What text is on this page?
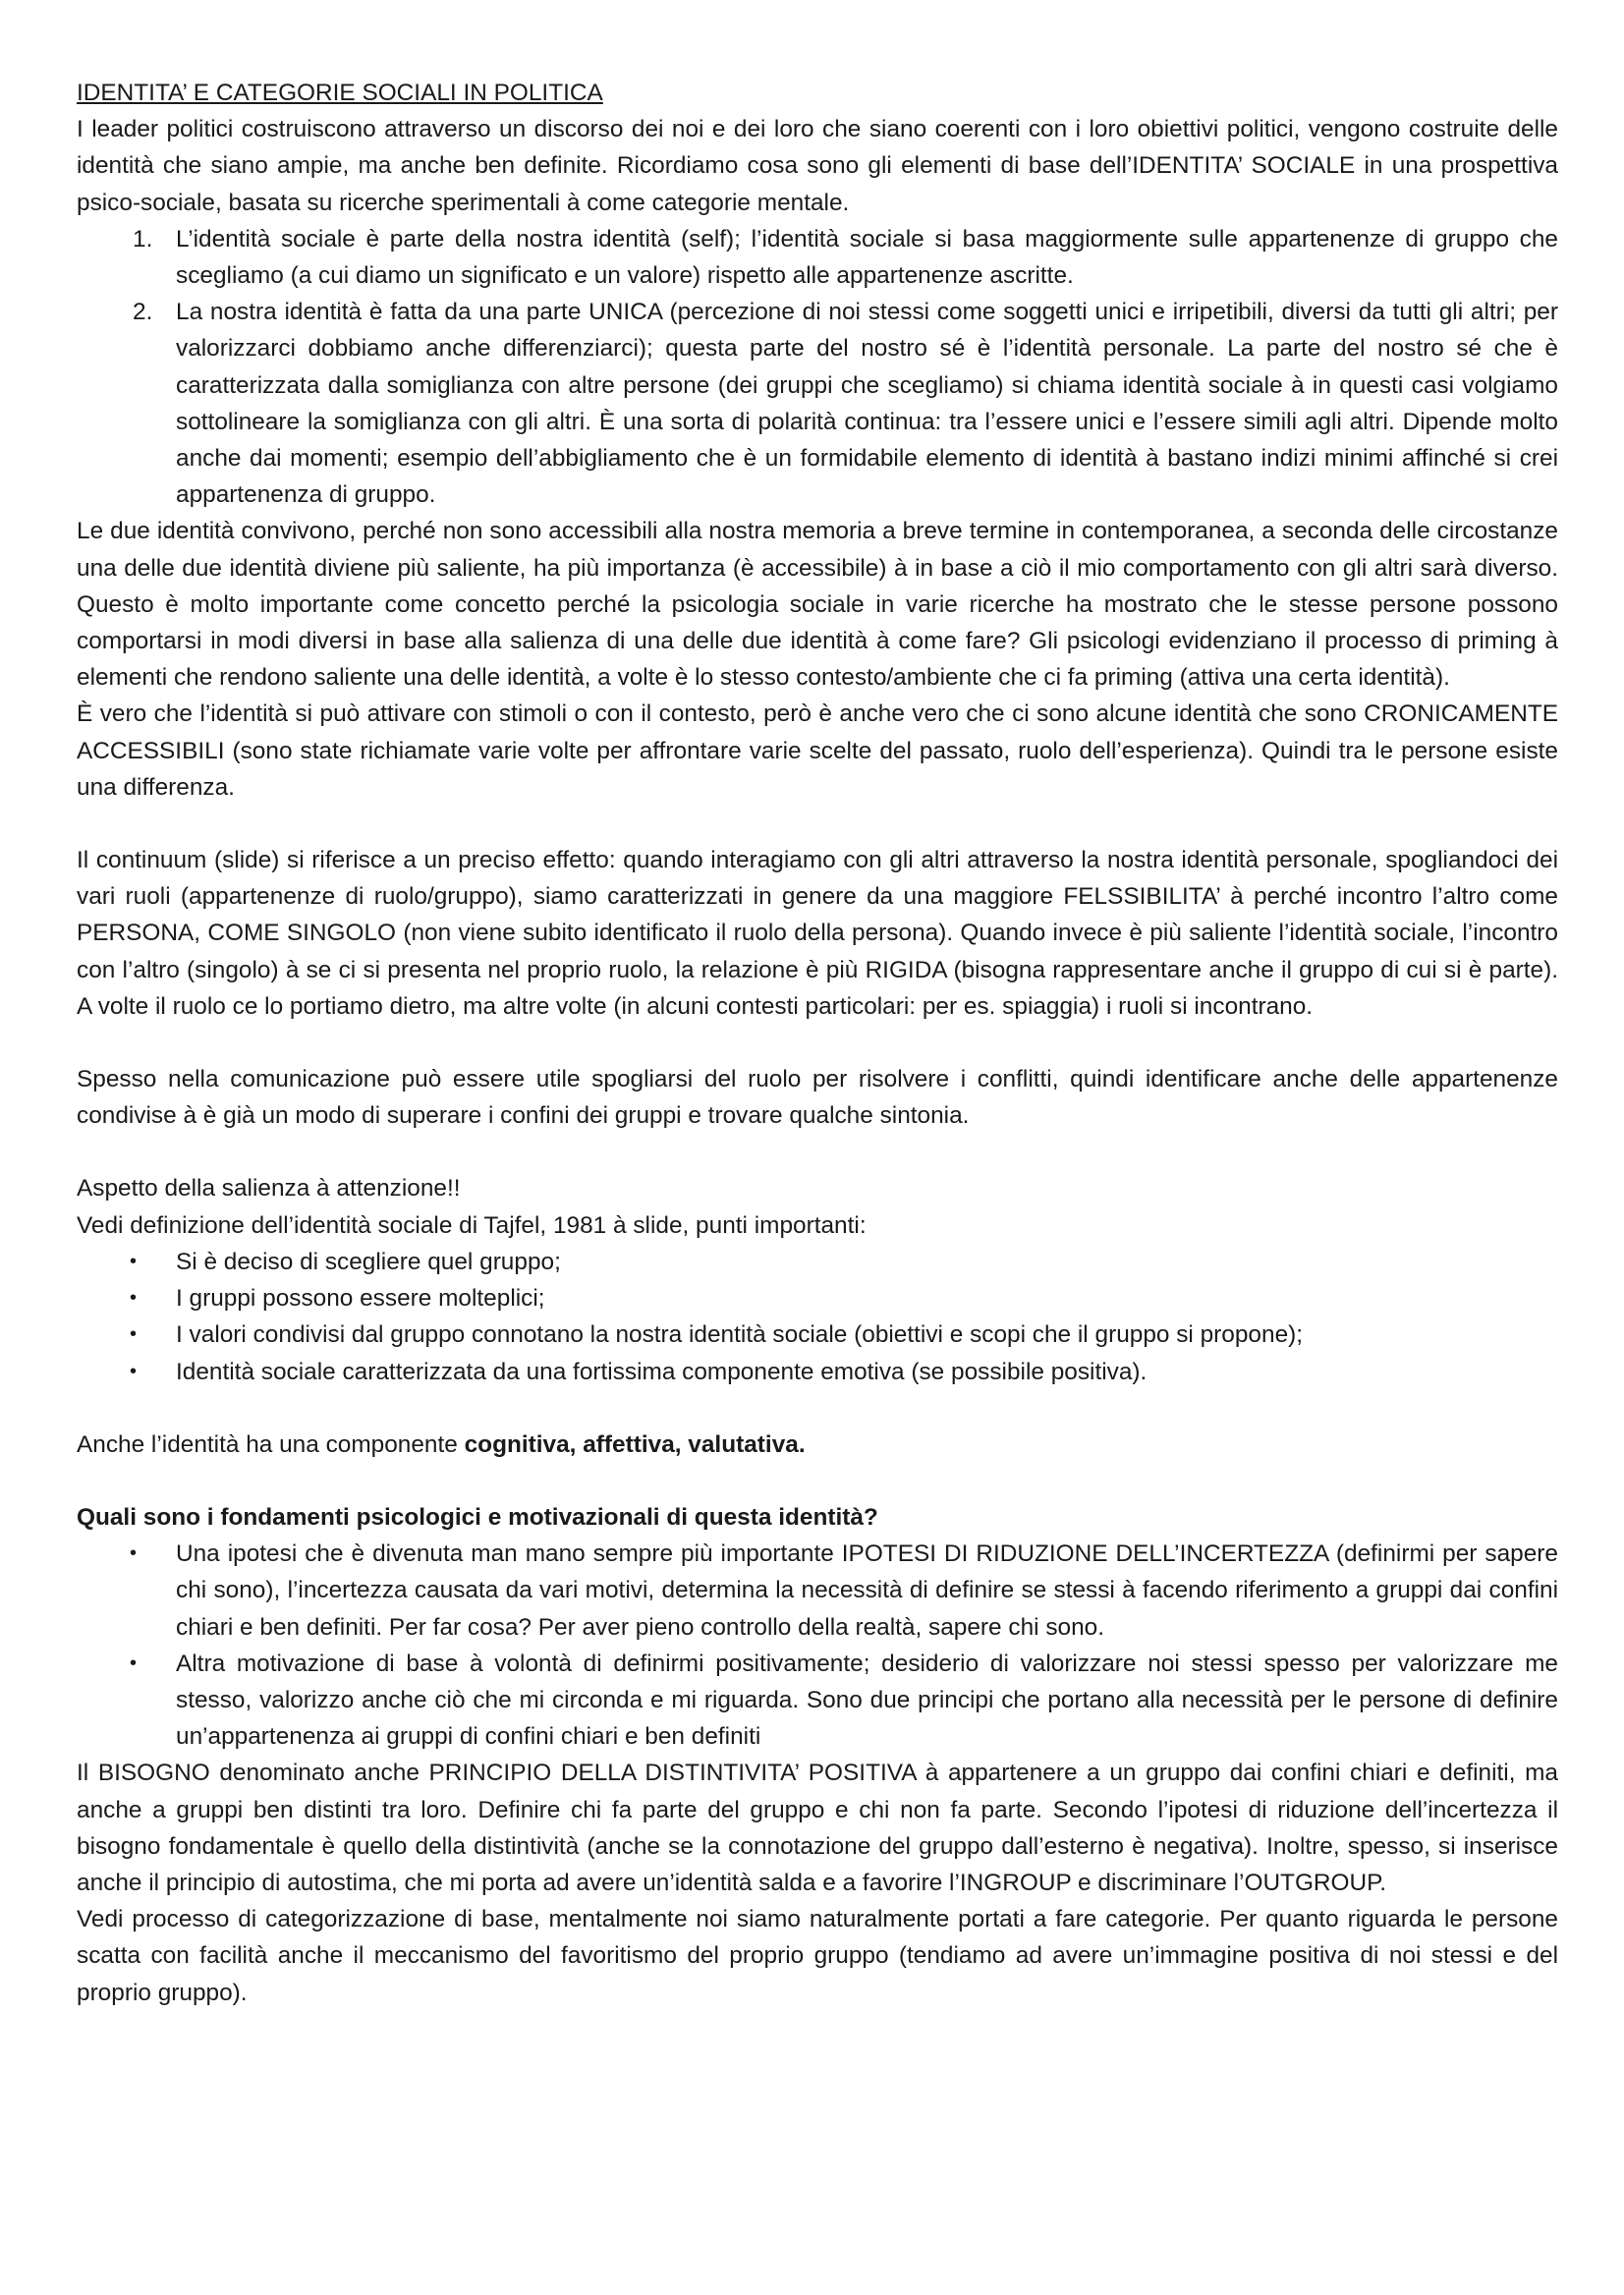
IDENTITA’ E CATEGORIE SOCIALI IN POLITICA

I leader politici costruiscono attraverso un discorso dei noi e dei loro che siano coerenti con i loro obiettivi politici, vengono costruite delle identità che siano ampie, ma anche ben definite. Ricordiamo cosa sono gli elementi di base dell’IDENTITA’ SOCIALE in una prospettiva psico-sociale, basata su ricerche sperimentali à come categorie mentale.

1. L’identità sociale è parte della nostra identità (self); l’identità sociale si basa maggiormente sulle appartenenze di gruppo che scegliamo (a cui diamo un significato e un valore) rispetto alle appartenenze ascritte.
2. La nostra identità è fatta da una parte UNICA (percezione di noi stessi come soggetti unici e irripetibili, diversi da tutti gli altri; per valorizzarci dobbiamo anche differenziarci); questa parte del nostro sé è l’identità personale. La parte del nostro sé che è caratterizzata dalla somiglianza con altre persone (dei gruppi che scegliamo) si chiama identità sociale à in questi casi volgiamo sottolineare la somiglianza con gli altri. È una sorta di polarità continua: tra l’essere unici e l’essere simili agli altri. Dipende molto anche dai momenti; esempio dell’abbigliamento che è un formidabile elemento di identità à bastano indizi minimi affinché si crei appartenenza di gruppo.

Le due identità convivono, perché non sono accessibili alla nostra memoria a breve termine in contemporanea, a seconda delle circostanze una delle due identità diviene più saliente, ha più importanza (è accessibile) à in base a ciò il mio comportamento con gli altri sarà diverso. Questo è molto importante come concetto perché la psicologia sociale in varie ricerche ha mostrato che le stesse persone possono comportarsi in modi diversi in base alla salienza di una delle due identità à come fare? Gli psicologi evidenziano il processo di priming à elementi che rendono saliente una delle identità, a volte è lo stesso contesto/ambiente che ci fa priming (attiva una certa identità).

È vero che l’identità si può attivare con stimoli o con il contesto, però è anche vero che ci sono alcune identità che sono CRONICAMENTE ACCESSIBILI (sono state richiamate varie volte per affrontare varie scelte del passato, ruolo dell’esperienza). Quindi tra le persone esiste una differenza.

Il continuum (slide) si riferisce a un preciso effetto: quando interagiamo con gli altri attraverso la nostra identità personale, spogliandoci dei vari ruoli (appartenenze di ruolo/gruppo), siamo caratterizzati in genere da una maggiore FELSSIBILITA’ à perché incontro l’altro come PERSONA, COME SINGOLO (non viene subito identificato il ruolo della persona). Quando invece è più saliente l’identità sociale, l’incontro con l’altro (singolo) à se ci si presenta nel proprio ruolo, la relazione è più RIGIDA (bisogna rappresentare anche il gruppo di cui si è parte). A volte il ruolo ce lo portiamo dietro, ma altre volte (in alcuni contesti particolari: per es. spiaggia) i ruoli si incontrano.

Spesso nella comunicazione può essere utile spogliarsi del ruolo per risolvere i conflitti, quindi identificare anche delle appartenenze condivise à è già un modo di superare i confini dei gruppi e trovare qualche sintonia.

Aspetto della salienza à attenzione!!

Vedi definizione dell’identità sociale di Tajfel, 1981 à slide, punti importanti:

• Si è deciso di scegliere quel gruppo;
• I gruppi possono essere molteplici;
• I valori condivisi dal gruppo connotano la nostra identità sociale (obiettivi e scopi che il gruppo si propone);
• Identità sociale caratterizzata da una fortissima componente emotiva (se possibile positiva).

Anche l’identità ha una componente cognitiva, affettiva, valutativa.

Quali sono i fondamenti psicologici e motivazionali di questa identità?

• Una ipotesi che è divenuta man mano sempre più importante IPOTESI DI RIDUZIONE DELL’INCERTEZZA (definirmi per sapere chi sono), l’incertezza causata da vari motivi, determina la necessità di definire se stessi à facendo riferimento a gruppi dai confini chiari e ben definiti. Per far cosa? Per aver pieno controllo della realtà, sapere chi sono.
• Altra motivazione di base à volontà di definirmi positivamente; desiderio di valorizzare noi stessi spesso per valorizzare me stesso, valorizzo anche ciò che mi circonda e mi riguarda. Sono due principi che portano alla necessità per le persone di definire un’appartenenza ai gruppi di confini chiari e ben definiti

Il BISOGNO denominato anche PRINCIPIO DELLA DISTINTIVITA’ POSITIVA à appartenere a un gruppo dai confini chiari e definiti, ma anche a gruppi ben distinti tra loro. Definire chi fa parte del gruppo e chi non fa parte. Secondo l’ipotesi di riduzione dell’incertezza il bisogno fondamentale è quello della distintività (anche se la connotazione del gruppo dall’esterno è negativa). Inoltre, spesso, si inserisce anche il principio di autostima, che mi porta ad avere un’identità salda e a favorire l’INGROUP e discriminare l’OUTGROUP.

Vedi processo di categorizzazione di base, mentalmente noi siamo naturalmente portati a fare categorie. Per quanto riguarda le persone scatta con facilità anche il meccanismo del favoritismo del proprio gruppo (tendiamo ad avere un’immagine positiva di noi stessi e del proprio gruppo).
